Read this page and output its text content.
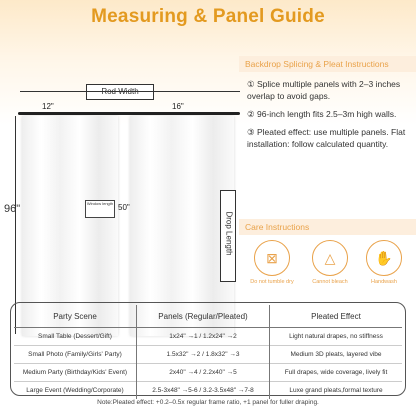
Measuring & Panel Guide
Rod Width
12"	16"
Window length 50"
96"
Drop Length
Backdrop Splicing & Pleat Instructions
① Splice multiple panels with 2–3 inches overlap to avoid gaps.
② 96-inch length fits 2.5–3m high walls.
③ Pleated effect: use multiple panels. Flat installation: follow calculated quantity.
Care Instructions
⊠
Do not tumble dry
△
Cannot bleach
✋
Handwash
Party Scene	Panels (Regular/Pleated)	Pleated Effect
Small Table (Dessert/Gift)	1x24" →1 / 1.2x24" →2	Light natural drapes, no stiffness
Small Photo (Family/Girls' Party)	1.5x32" →2 / 1.8x32" →3	Medium 3D pleats, layered vibe
Medium Party (Birthday/Kids' Event)	2x40" →4 / 2.2x40" →5	Full drapes, wide coverage, lively fit
Large Event (Wedding/Corporate)	2.5-3x48" →5-6 / 3.2-3.5x48" →7-8	Luxe grand pleats,formal texture
Note:Pleated effect: +0.2–0.5x regular frame ratio, +1 panel for fuller draping.
